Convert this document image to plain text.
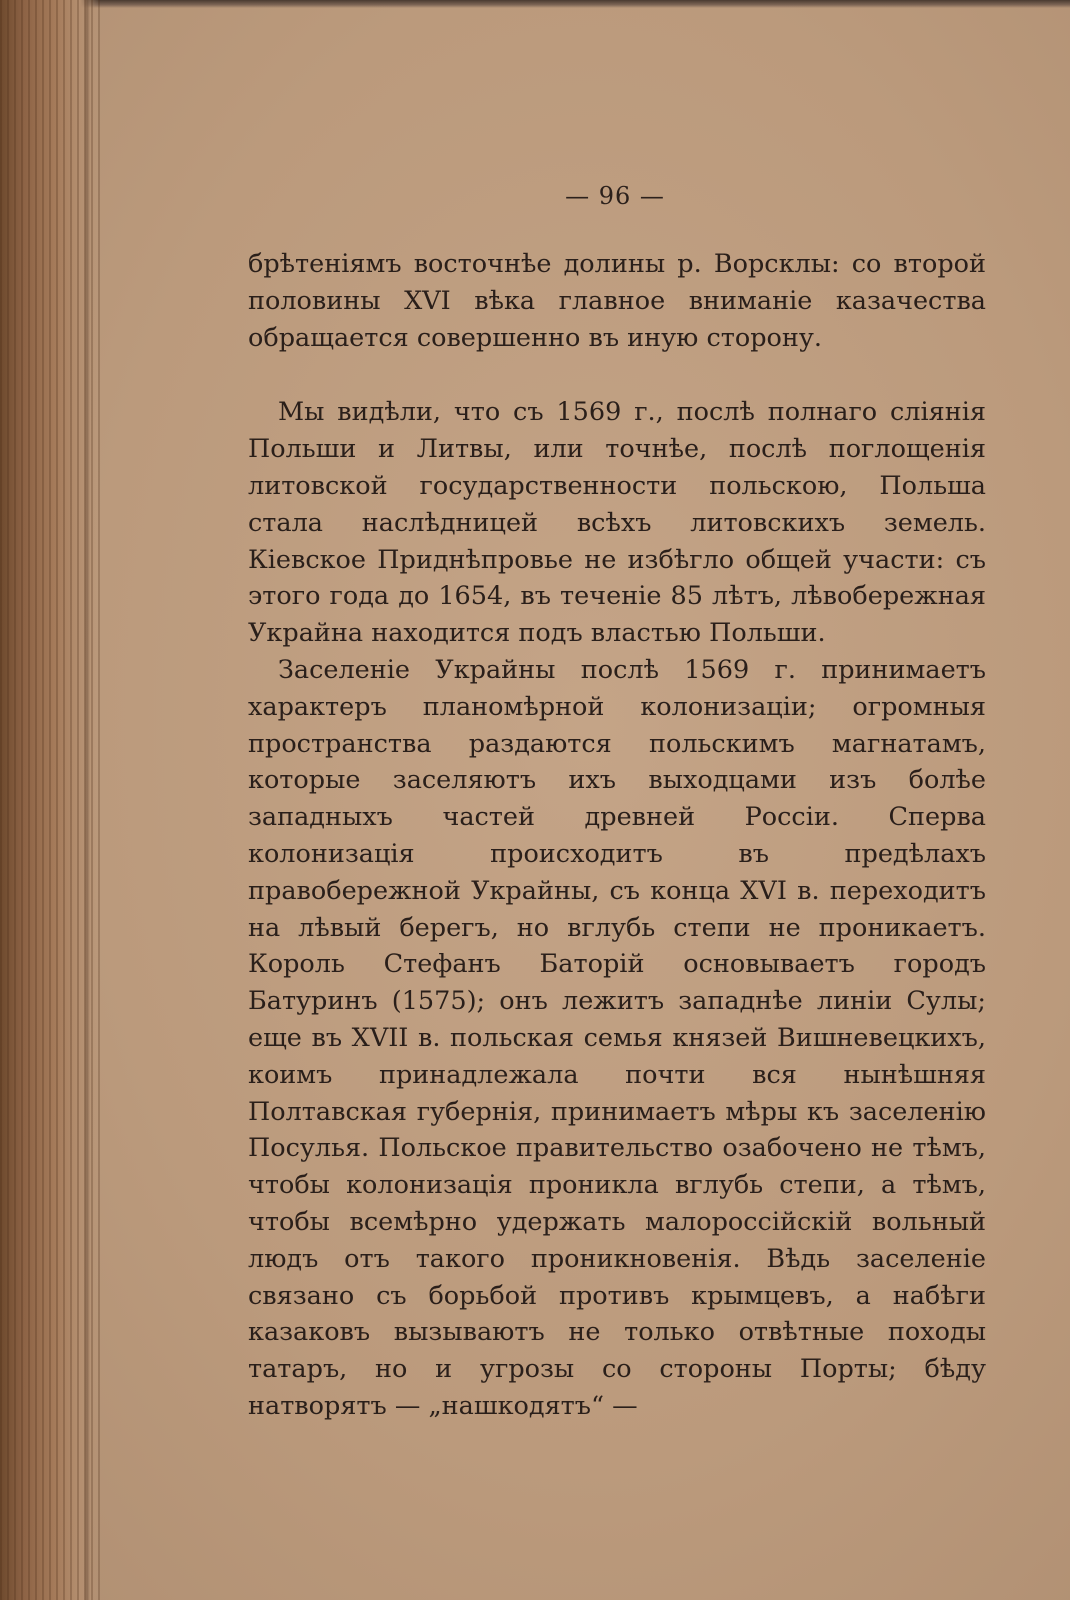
— 96 —

брѣтеніямъ восточнѣе долины р. Ворсклы: со второй половины XVI вѣка главное вниманіе казачества обращается совершенно въ иную сторону.

Мы видѣли, что съ 1569 г., послѣ полнаго сліянія Польши и Литвы, или точнѣе, послѣ поглощенія литовской государственности польскою, Польша стала наслѣдницей всѣхъ литовскихъ земель. Кіевское Приднѣпровье не избѣгло общей участи: съ этого года до 1654, въ теченіе 85 лѣтъ, лѣвобережная Украйна находится подъ властью Польши.

Заселеніе Украйны послѣ 1569 г. принимаетъ характеръ планомѣрной колонизаціи; огромныя пространства раздаются польскимъ магнатамъ, которые заселяютъ ихъ выходцами изъ болѣе западныхъ частей древней Россіи. Сперва колонизація происходитъ въ предѣлахъ правобережной Украйны, съ конца XVI в. переходитъ на лѣвый берегъ, но вглубь степи не проникаетъ. Король Стефанъ Баторій основываетъ городъ Батуринъ (1575); онъ лежитъ западнѣе линіи Сулы; еще въ XVII в. польская семья князей Вишневецкихъ, коимъ принадлежала почти вся нынѣшняя Полтавская губернія, принимаетъ мѣры къ заселенію Посулья. Польское правительство озабочено не тѣмъ, чтобы колонизація проникла вглубь степи, а тѣмъ, чтобы всемѣрно удержать малороссійскій вольный людъ отъ такого проникновенія. Вѣдь заселеніе связано съ борьбой противъ крымцевъ, а набѣги казаковъ вызываютъ не только отвѣтные походы татаръ, но и угрозы со стороны Порты; бѣду натворятъ — „нашкодятъ“ —
